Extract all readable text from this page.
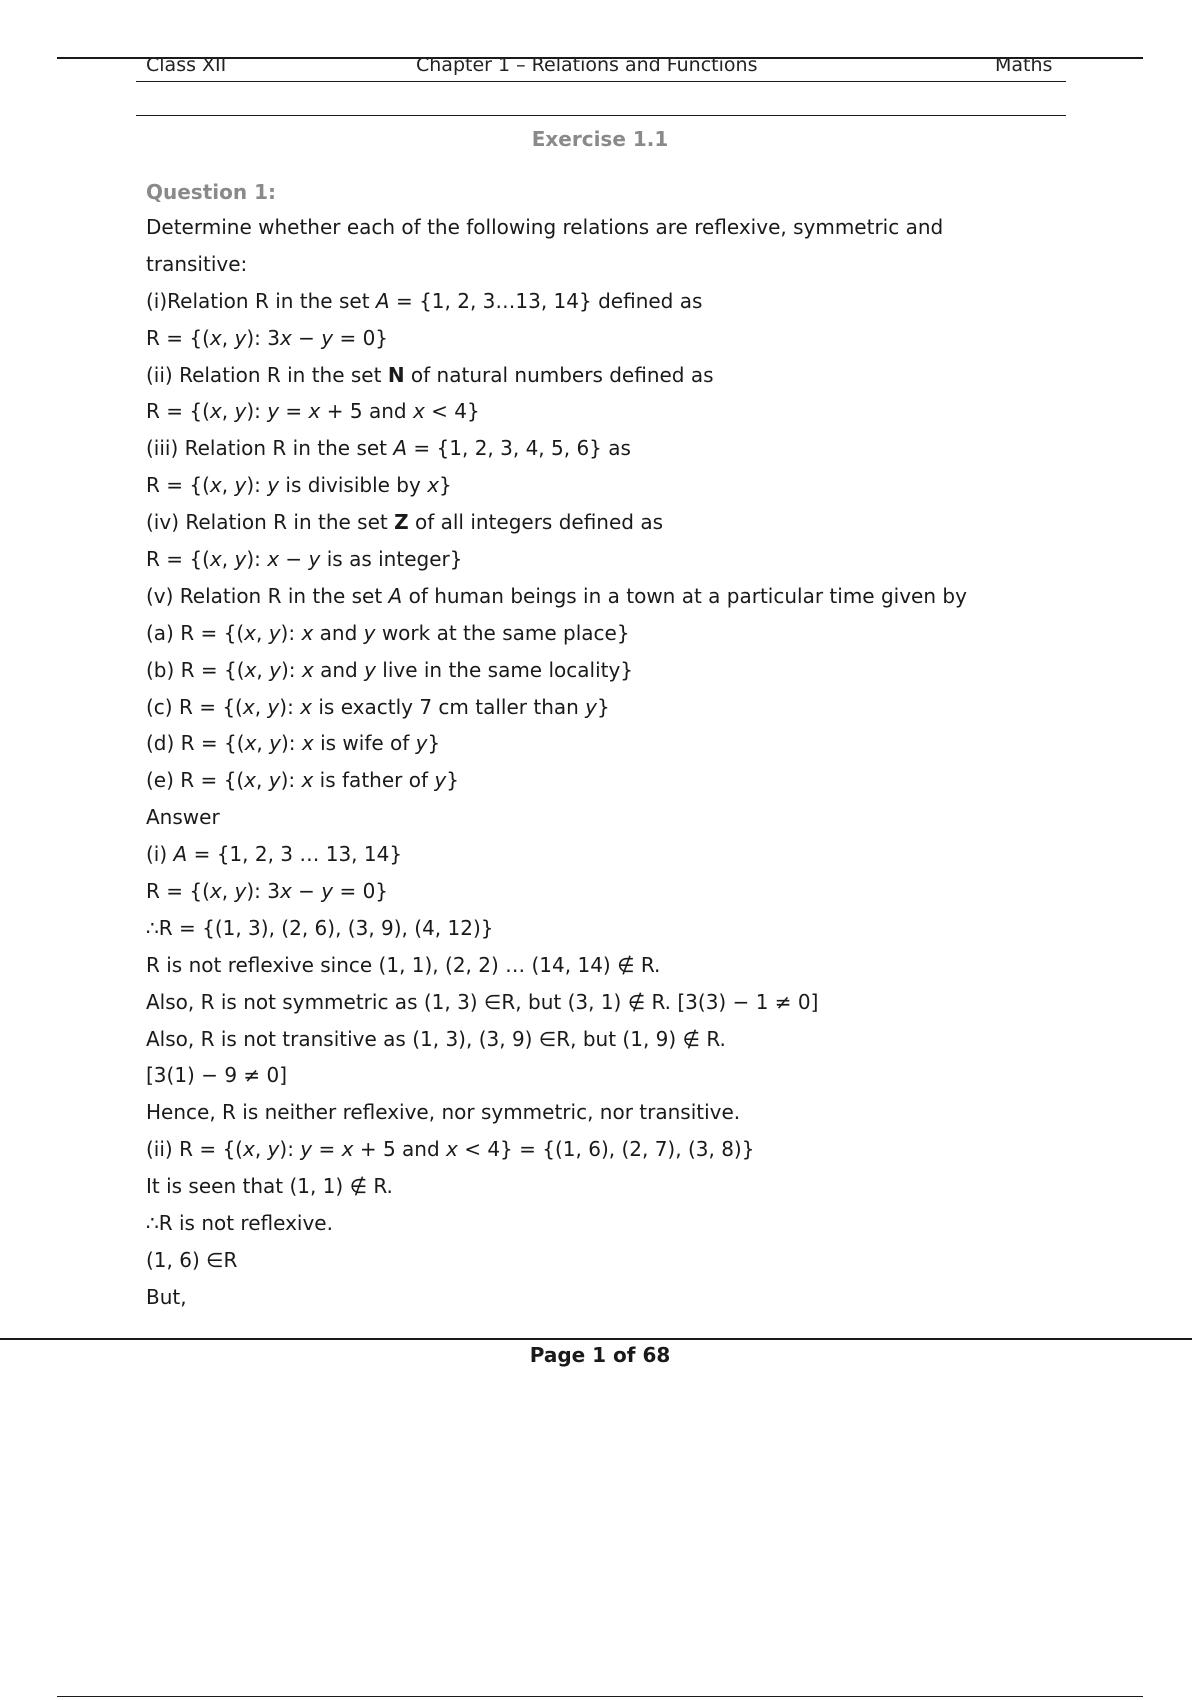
Class XII	Chapter 1 – Relations and Functions	Maths
Exercise 1.1
Question 1:
Determine whether each of the following relations are reflexive, symmetric and
transitive:
(i)Relation R in the set A = {1, 2, 3…13, 14} defined as
R = {(x, y): 3x − y = 0}
(ii) Relation R in the set N of natural numbers defined as
R = {(x, y): y = x + 5 and x < 4}
(iii) Relation R in the set A = {1, 2, 3, 4, 5, 6} as
R = {(x, y): y is divisible by x}
(iv) Relation R in the set Z of all integers defined as
R = {(x, y): x − y is as integer}
(v) Relation R in the set A of human beings in a town at a particular time given by
(a) R = {(x, y): x and y work at the same place}
(b) R = {(x, y): x and y live in the same locality}
(c) R = {(x, y): x is exactly 7 cm taller than y}
(d) R = {(x, y): x is wife of y}
(e) R = {(x, y): x is father of y}
Answer
(i) A = {1, 2, 3 … 13, 14}
R = {(x, y): 3x − y = 0}
∴R = {(1, 3), (2, 6), (3, 9), (4, 12)}
R is not reflexive since (1, 1), (2, 2) … (14, 14) ∉ R.
Also, R is not symmetric as (1, 3) ∈R, but (3, 1) ∉ R. [3(3) − 1 ≠ 0]
Also, R is not transitive as (1, 3), (3, 9) ∈R, but (1, 9) ∉ R.
[3(1) − 9 ≠ 0]
Hence, R is neither reflexive, nor symmetric, nor transitive.
(ii) R = {(x, y): y = x + 5 and x < 4} = {(1, 6), (2, 7), (3, 8)}
It is seen that (1, 1) ∉ R.
∴R is not reflexive.
(1, 6) ∈R
But,
Page 1 of 68
